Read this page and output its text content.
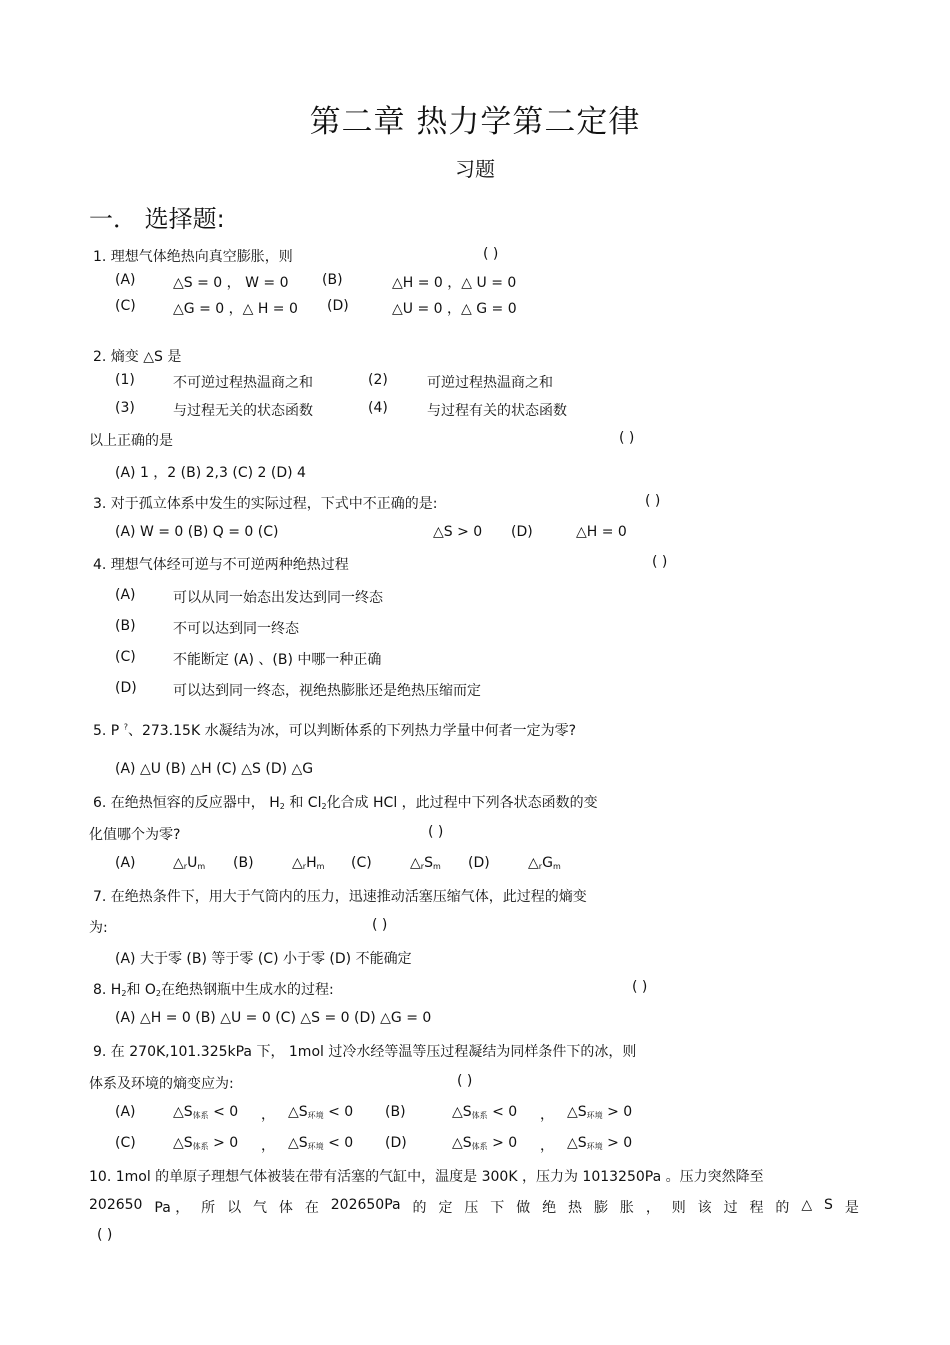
第二章 热力学第二定律
习题
一． 选择题:
1. 理想气体绝热向真空膨胀，则	( )
(A)	△S = 0 ， W = 0 (B)	△H = 0 ，△ U = 0
(C)	△G = 0 ，△ H = 0 (D)	△U = 0 ，△ G = 0
2. 熵变 △S 是
(1)	不可逆过程热温商之和	(2)	可逆过程热温商之和
(3)	与过程无关的状态函数	(4)	与过程有关的状态函数
以上正确的是	( )
(A) 1 ，2 (B) 2,3 (C) 2 (D) 4
3. 对于孤立体系中发生的实际过程，下式中不正确的是:	( )
(A) W = 0 (B) Q = 0 (C)	△S > 0 (D)	△H = 0
4. 理想气体经可逆与不可逆两种绝热过程	( )
(A)	可以从同一始态出发达到同一终态
(B)	不可以达到同一终态
(C)	不能断定 (A) 、(B) 中哪一种正确
(D)	可以达到同一终态，视绝热膨胀还是绝热压缩而定
5. P ?、273.15K 水凝结为冰，可以判断体系的下列热力学量中何者一定为零?
(A) △U (B) △H (C) △S (D) △G
6. 在绝热恒容的反应器中， $H_2$ 和 $Cl_2$化合成 HCl ，此过程中下列各状态函数的变
化值哪个为零?	( )
(A)	$\triangle_rU_m$ (B)	$\triangle_rH_m$ (C)	$\triangle_rS_m$ (D)	$\triangle_rG_m$
7. 在绝热条件下，用大于气筒内的压力，迅速推动活塞压缩气体，此过程的熵变
为:	( )
(A) 大于零 (B) 等于零 (C) 小于零 (D) 不能确定
8. $H_2$和 $O_2$在绝热钢瓶中生成水的过程:	( )
(A) △H = 0 (B) △U = 0 (C) △S = 0 (D) △G = 0
9. 在 270K,101.325kPa 下， 1mol 过冷水经等温等压过程凝结为同样条件下的冰，则
体系及环境的熵变应为:	( )
(A)	$\triangle S_{体系} < 0$ ， $\triangle S_{环境} < 0$ (B)	$\triangle S_{体系} < 0$ ， $\triangle S_{环境} > 0$
(C)	$\triangle S_{体系} > 0$ ， $\triangle S_{环境} < 0$ (D)	$\triangle S_{体系} > 0$ ， $\triangle S_{环境} > 0$
10. 1mol 的单原子理想气体被装在带有活塞的气缸中，温度是 300K ，压力为 1013250Pa 。压力突然降至
202650 Pa ， 所 以 气 体 在 202650Pa 的 定 压 下 做 绝 热 膨 胀 ， 则 该 过 程 的 △ S 是
( )
